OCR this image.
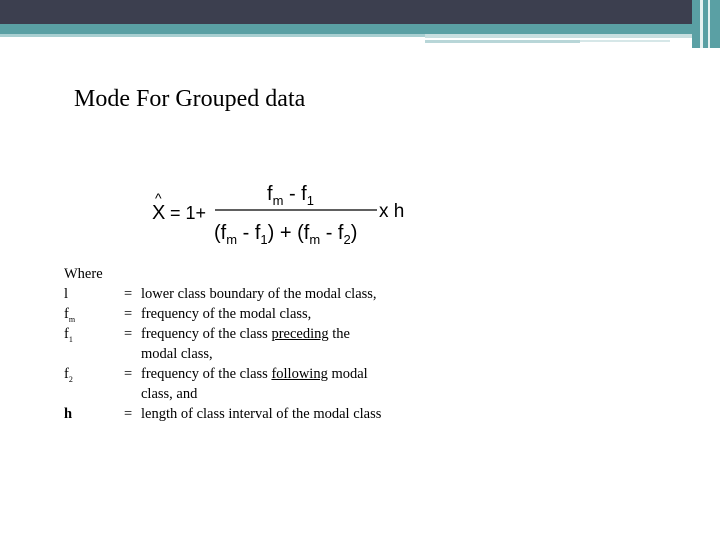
Mode For Grouped data
X
^
= 1+
$f_m - f_1$
$(f_m - f_1) + (f_m - f_2)$
x h
Where
l	= lower class boundary of the modal class,
$f_m$	= frequency of the modal class,
$f_1$	= frequency of the class preceding the
modal class,
$f_2$	= frequency of the class following modal
class, and
h	= length of class interval of the modal class
